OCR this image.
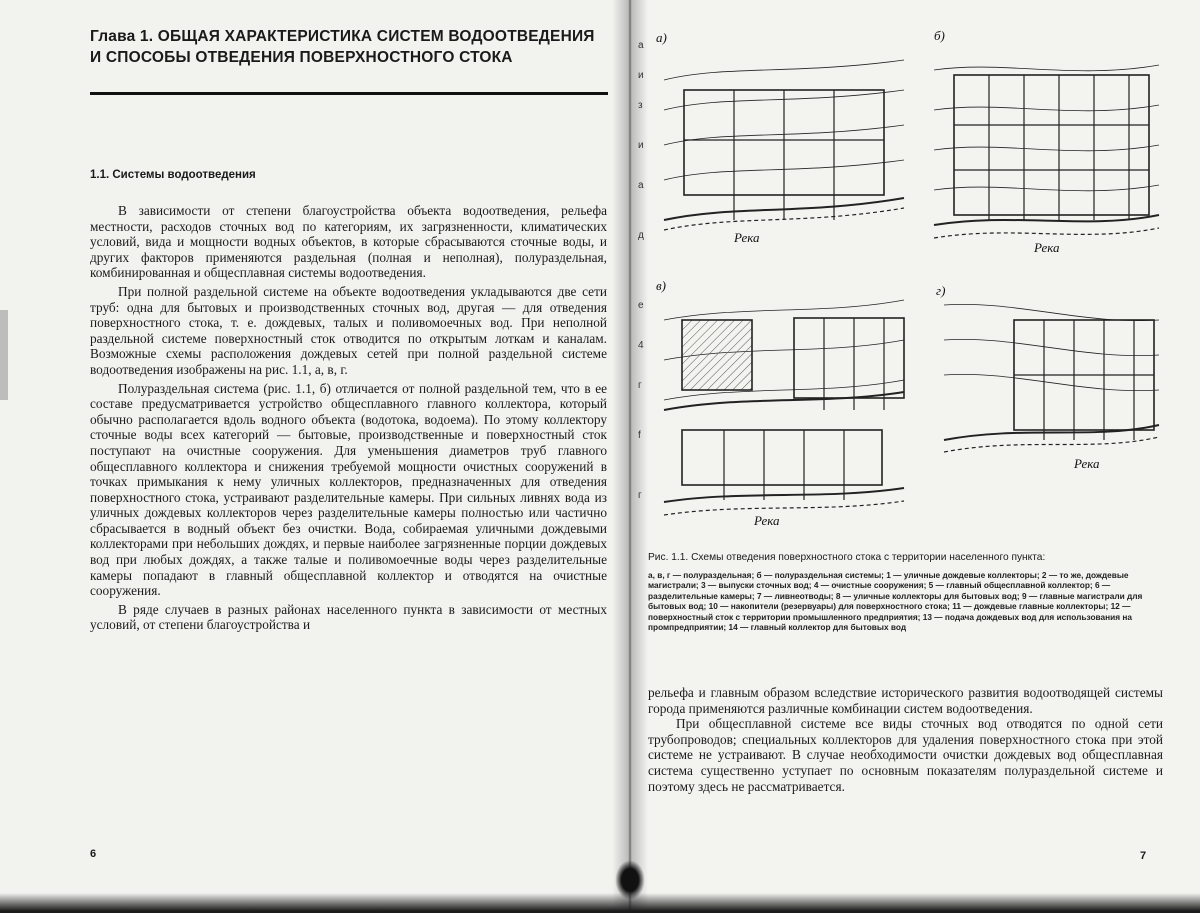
Глава 1. ОБЩАЯ ХАРАКТЕРИСТИКА СИСТЕМ ВОДООТВЕДЕНИЯ И СПОСОБЫ ОТВЕДЕНИЯ ПОВЕРХНОСТНОГО СТОКА
1.1. Системы водоотведения

В зависимости от степени благоустройства объекта водоотведения, рельефа местности, расходов сточных вод по категориям, их загрязненности, климатических условий, вида и мощности водных объектов, в которые сбрасываются сточные воды, и других факторов применяются раздельная (полная и неполная), полураздельная, комбинированная и общесплавная системы водоотведения.

При полной раздельной системе на объекте водоотведения укладываются две сети труб: одна для бытовых и производственных сточных вод, другая — для отведения поверхностного стока, т. е. дождевых, талых и поливомоечных вод. При неполной раздельной системе поверхностный сток отводится по открытым лоткам и каналам. Возможные схемы расположения дождевых сетей при полной раздельной системе водоотведения изображены на рис. 1.1, а, в, г.

Полураздельная система (рис. 1.1, б) отличается от полной раздельной тем, что в ее составе предусматривается устройство общесплавного главного коллектора, который обычно располагается вдоль водного объекта (водотока, водоема). По этому коллектору сточные воды всех категорий — бытовые, производственные и поверхностный сток поступают на очистные сооружения. Для уменьшения диаметров труб главного общесплавного коллектора и снижения требуемой мощности очистных сооружений в точках примыкания к нему уличных коллекторов, предназначенных для отведения поверхностного стока, устраивают разделительные камеры. При сильных ливнях вода из уличных дождевых коллекторов через разделительные камеры полностью или частично сбрасывается в водный объект без очистки. Вода, собираемая уличными дождевыми коллекторами при небольших дождях, и первые наиболее загрязненные порции дождевых вод при любых дождях, а также талые и поливомоечные воды через разделительные камеры попадают в главный общесплавной коллектор и отводятся на очистные сооружения.

В ряде случаев в разных районах населенного пункта в зависимости от местных условий, от степени благоустройства и

6
a
и
з
и
а
д
е
4
г
f
г
а)	б)
в)	г)
Река
Река
Река
Река

Рис. 1.1. Схемы отведения поверхностного стока с территории населенного пункта:

а, в, г — полураздельная; б — полураздельная системы; 1 — уличные дождевые коллекторы; 2 — то же, дождевые магистрали; 3 — выпуски сточных вод; 4 — очистные сооружения; 5 — главный общесплавной коллектор; 6 — разделительные камеры; 7 — ливнеотводы; 8 — уличные коллекторы для бытовых вод; 9 — главные магистрали для бытовых вод; 10 — накопители (резервуары) для поверхностного стока; 11 — дождевые главные коллекторы; 12 — поверхностный сток с территории промышленного предприятия; 13 — подача дождевых вод для использования на промпредприятии; 14 — главный коллектор для бытовых вод

рельефа и главным образом вследствие исторического развития водоотводящей системы города применяются различные комбинации систем водоотведения.

При общесплавной системе все виды сточных вод отводятся по одной сети трубопроводов; специальных коллекторов для удаления поверхностного стока при этой системе не устраивают. В случае необходимости очистки дождевых вод общесплавная система существенно уступает по основным показателям полураздельной системе и поэтому здесь не рассматривается.

7
